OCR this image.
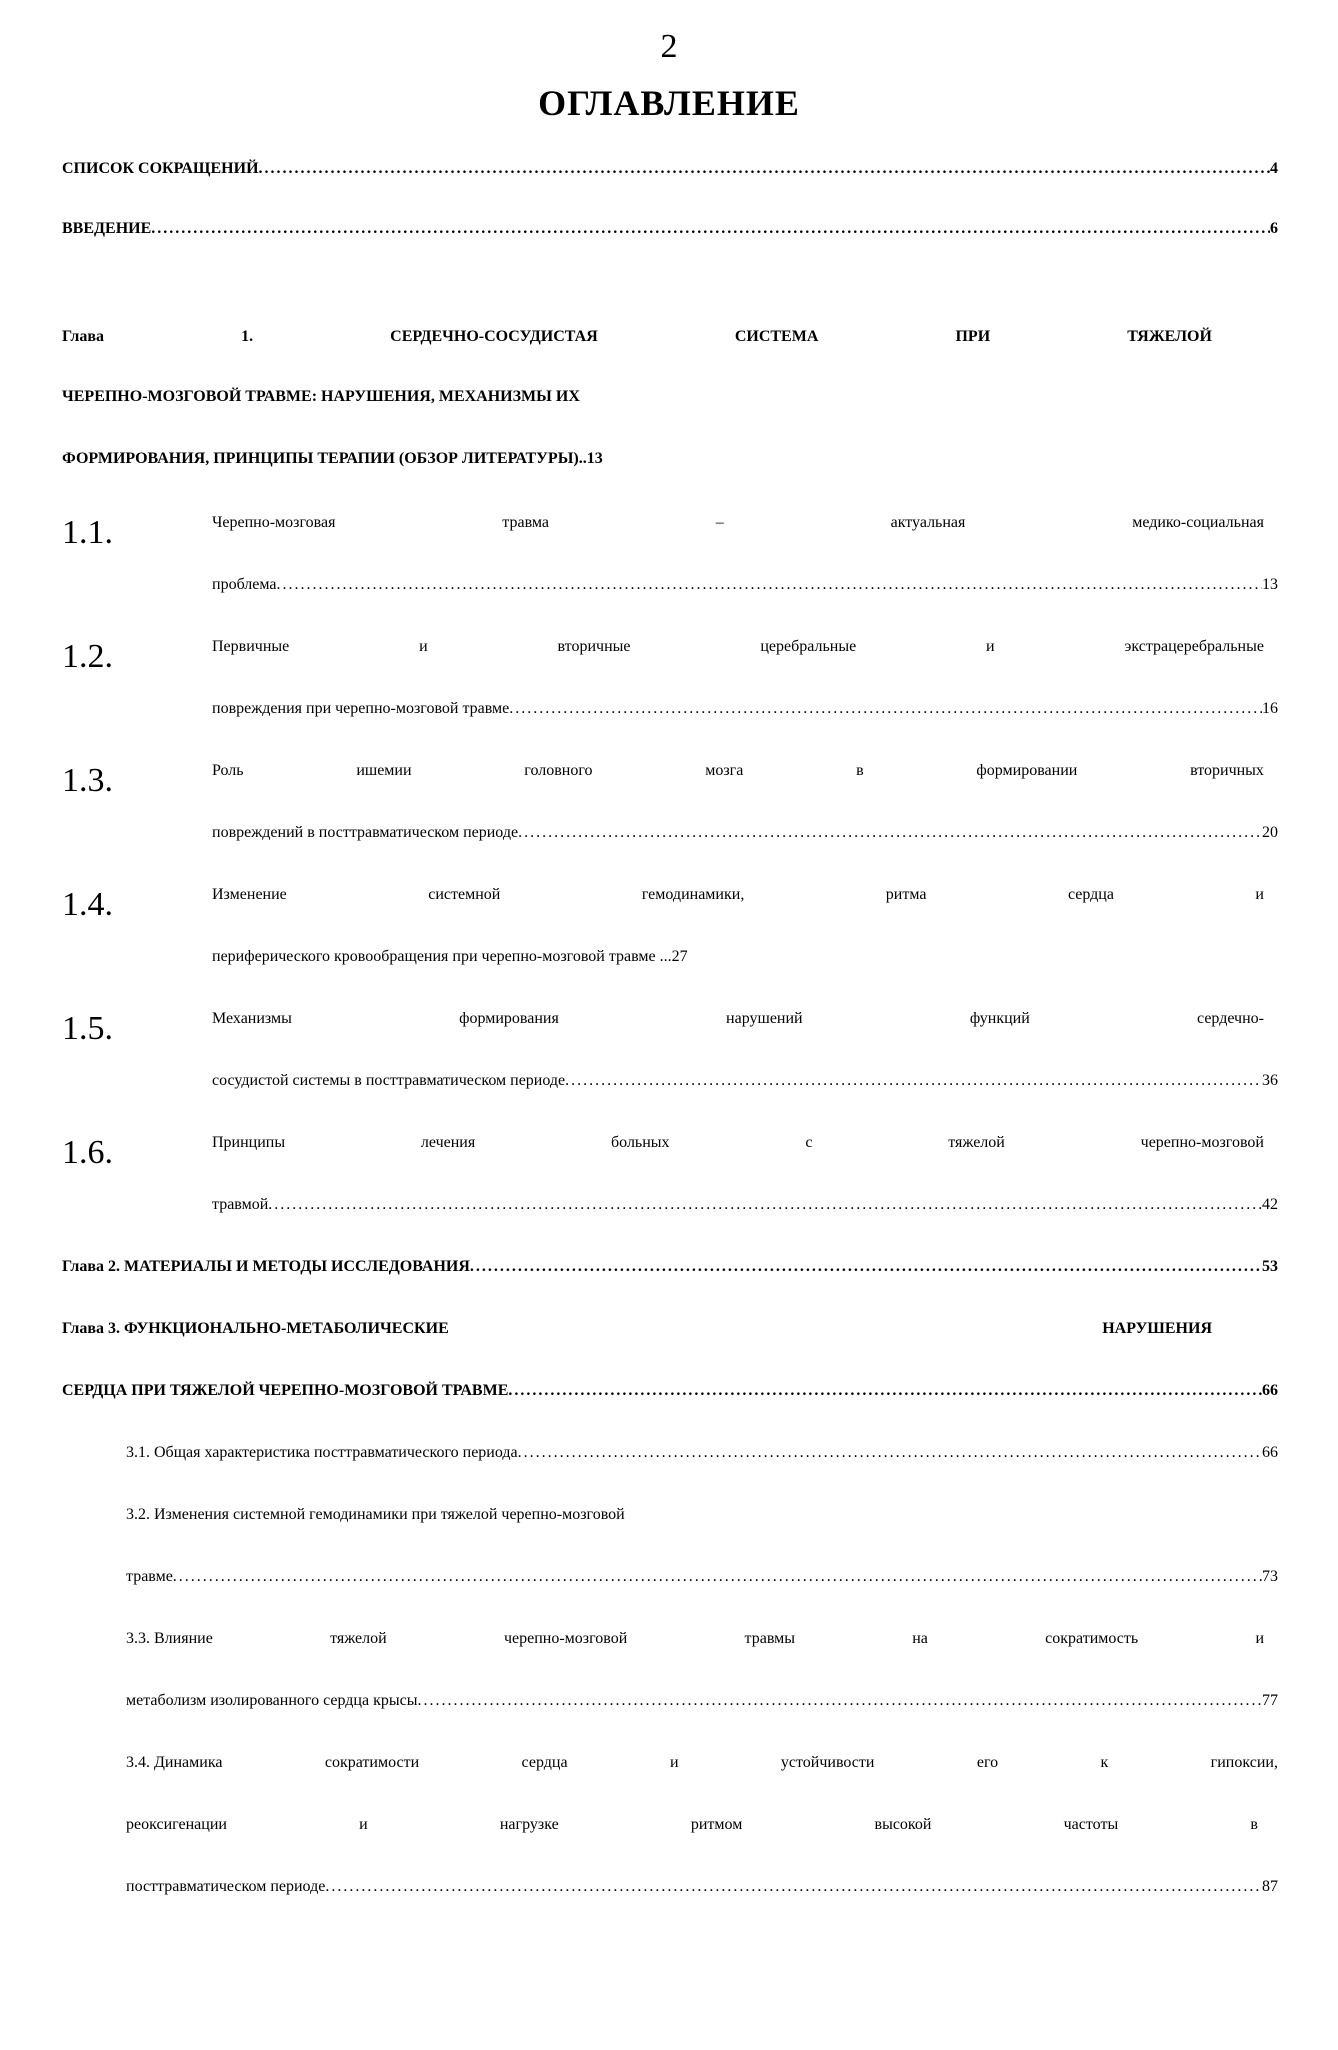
2
ОГЛАВЛЕНИЕ
СПИСОК СОКРАЩЕНИЙ .....	4
ВВЕДЕНИЕ .....	6
Глава	1.	СЕРДЕЧНО-СОСУДИСТАЯ	СИСТЕМА	ПРИ	ТЯЖЕЛОЙ
ЧЕРЕПНО-МОЗГОВОЙ ТРАВМЕ: НАРУШЕНИЯ, МЕХАНИЗМЫ ИХ
ФОРМИРОВАНИЯ, ПРИНЦИПЫ ТЕРАПИИ (ОБЗОР ЛИТЕРАТУРЫ)..13
1.1.	Черепно-мозговая	травма	–	актуальная	медико-социальная
проблема .....	13
1.2.	Первичные	и	вторичные	церебральные	и	экстрацеребральные
повреждения при черепно-мозговой травме .....	16
1.3.	Роль	ишемии	головного	мозга	в	формировании	вторичных
повреждений в посттравматическом периоде .....	20
1.4.	Изменение	системной	гемодинамики,	ритма	сердца	и
периферического кровообращения при черепно-мозговой травме ...27
1.5.	Механизмы	формирования	нарушений	функций	сердечно-
сосудистой системы в посттравматическом периоде .....	36
1.6.	Принципы	лечения	больных	с	тяжелой	черепно-мозговой
травмой .....	42
Глава 2. МАТЕРИАЛЫ И МЕТОДЫ ИССЛЕДОВАНИЯ .....	53
Глава 3. ФУНКЦИОНАЛЬНО-МЕТАБОЛИЧЕСКИЕ	НАРУШЕНИЯ
СЕРДЦА ПРИ ТЯЖЕЛОЙ ЧЕРЕПНО-МОЗГОВОЙ ТРАВМЕ .....	66
3.1. Общая характеристика посттравматического периода .....	66
3.2. Изменения системной гемодинамики при тяжелой черепно-мозговой
травме .....	73
3.3. Влияние	тяжелой	черепно-мозговой	травмы	на	сократимость	и
метаболизм изолированного сердца крысы .....	77
3.4. Динамика	сократимости	сердца	и	устойчивости	его	к	гипоксии,
реоксигенации	и	нагрузке	ритмом	высокой	частоты	в
посттравматическом периоде .....	87
